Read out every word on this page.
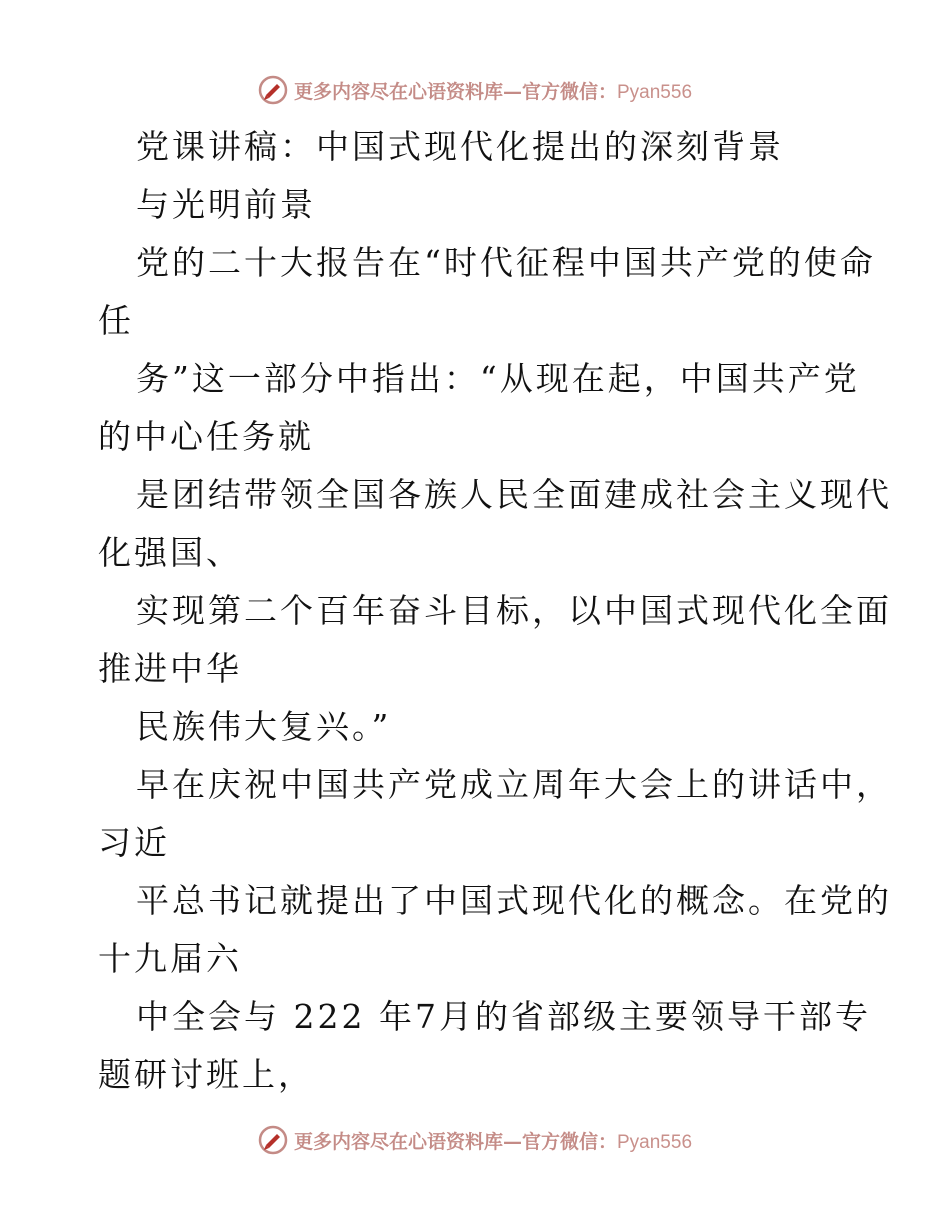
更多内容尽在心语资料库—官方微信：Pyan556
党课讲稿：中国式现代化提出的深刻背景
与光明前景
党的二十大报告在“时代征程中国共产党的使命
任
务”这一部分中指出：“从现在起，中国共产党
的中心任务就
是团结带领全国各族人民全面建成社会主义现代
化强国、
实现第二个百年奋斗目标，以中国式现代化全面
推进中华
民族伟大复兴。”
早在庆祝中国共产党成立周年大会上的讲话中，
习近
平总书记就提出了中国式现代化的概念。在党的
十九届六
中全会与 222 年7月的省部级主要领导干部专
题研讨班上，
更多内容尽在心语资料库—官方微信：Pyan556
